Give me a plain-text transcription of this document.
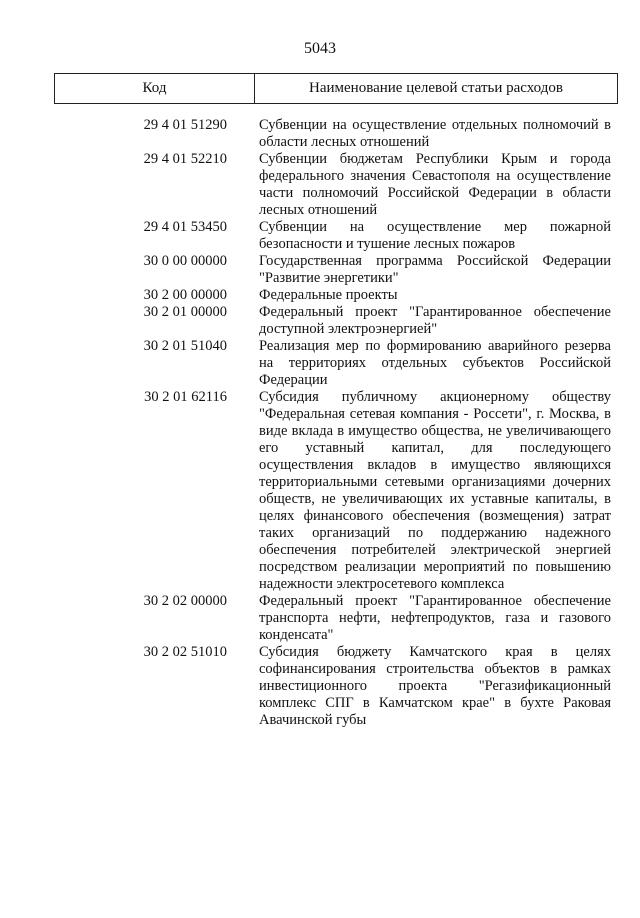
5043
Код	Наименование целевой статьи расходов
29 4 01 51290	Субвенции на осуществление отдельных полномочий в области лесных отношений
29 4 01 52210	Субвенции бюджетам Республики Крым и города федерального значения Севастополя на осуществление части полномочий Российской Федерации в области лесных отношений
29 4 01 53450	Субвенции на осуществление мер пожарной безопасности и тушение лесных пожаров
30 0 00 00000	Государственная программа Российской Федерации "Развитие энергетики"
30 2 00 00000	Федеральные проекты
30 2 01 00000	Федеральный проект "Гарантированное обеспечение доступной электроэнергией"
30 2 01 51040	Реализация мер по формированию аварийного резерва на территориях отдельных субъектов Российской Федерации
30 2 01 62116	Субсидия публичному акционерному обществу "Федеральная сетевая компания - Россети", г. Москва, в виде вклада в имущество общества, не увеличивающего его уставный капитал, для последующего осуществления вкладов в имущество являющихся территориальными сетевыми организациями дочерних обществ, не увеличивающих их уставные капиталы, в целях финансового обеспечения (возмещения) затрат таких организаций по поддержанию надежного обеспечения потребителей электрической энергией посредством реализации мероприятий по повышению надежности электросетевого комплекса
30 2 02 00000	Федеральный проект "Гарантированное обеспечение транспорта нефти, нефтепродуктов, газа и газового конденсата"
30 2 02 51010	Субсидия бюджету Камчатского края в целях софинансирования строительства объектов в рамках инвестиционного проекта "Регазификационный комплекс СПГ в Камчатском крае" в бухте Раковая Авачинской губы
